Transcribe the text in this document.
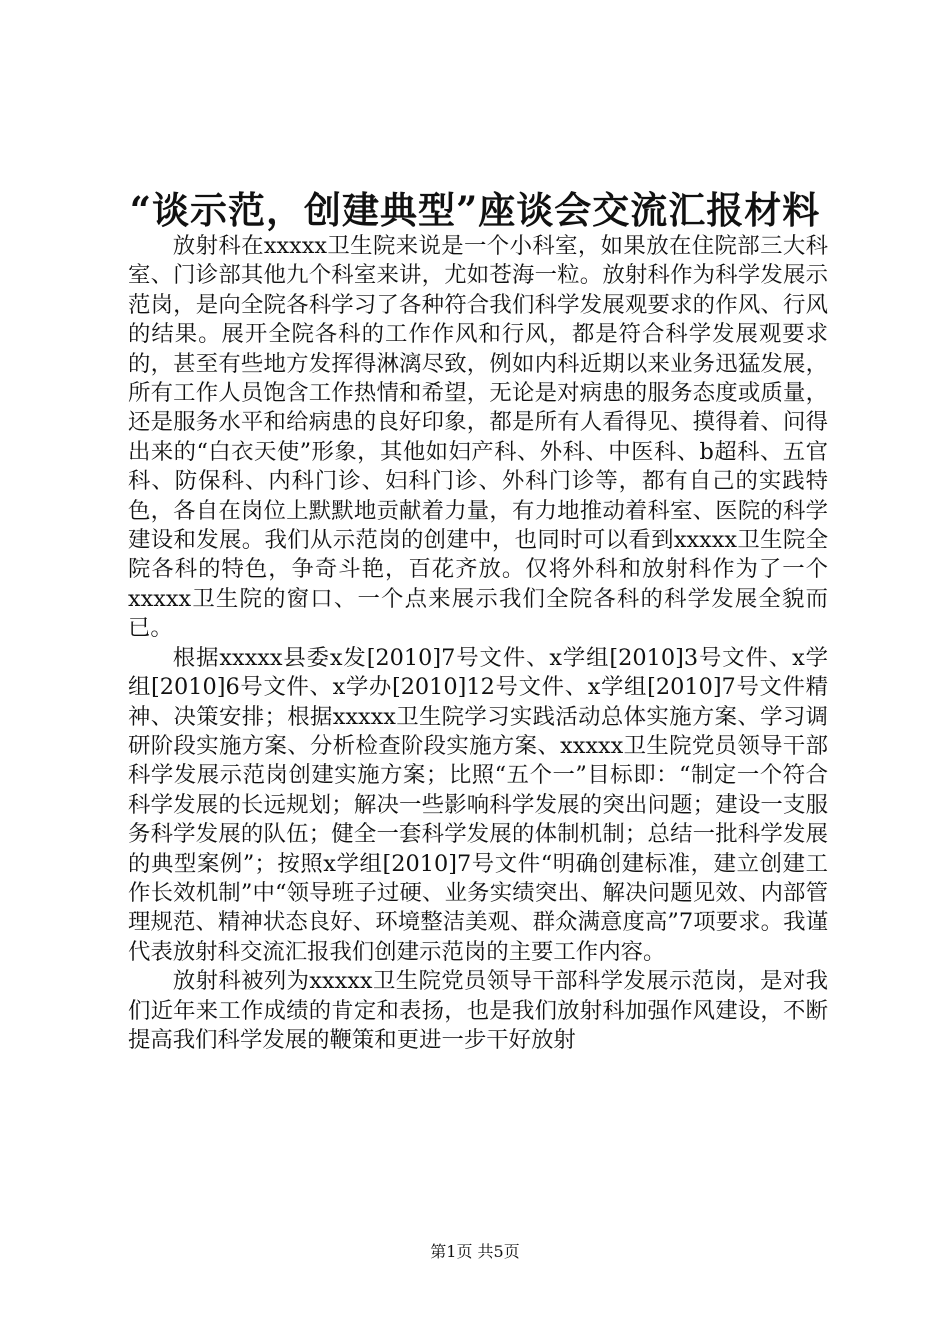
“谈示范，创建典型”座谈会交流汇报材料

放射科在xxxxx卫生院来说是一个小科室，如果放在住院部三大科室、门诊部其他九个科室来讲，尤如苍海一粒。放射科作为科学发展示范岗，是向全院各科学习了各种符合我们科学发展观要求的作风、行风的结果。展开全院各科的工作作风和行风，都是符合科学发展观要求的，甚至有些地方发挥得淋漓尽致，例如内科近期以来业务迅猛发展，所有工作人员饱含工作热情和希望，无论是对病患的服务态度或质量，还是服务水平和给病患的良好印象，都是所有人看得见、摸得着、问得出来的“白衣天使”形象，其他如妇产科、外科、中医科、b超科、五官科、防保科、内科门诊、妇科门诊、外科门诊等，都有自己的实践特色，各自在岗位上默默地贡献着力量，有力地推动着科室、医院的科学建设和发展。我们从示范岗的创建中，也同时可以看到xxxxx卫生院全院各科的特色，争奇斗艳，百花齐放。仅将外科和放射科作为了一个xxxxx卫生院的窗口、一个点来展示我们全院各科的科学发展全貌而已。

根据xxxxx县委x发[2010]7号文件、x学组[2010]3号文件、x学组[2010]6号文件、x学办[2010]12号文件、x学组[2010]7号文件精神、决策安排；根据xxxxx卫生院学习实践活动总体实施方案、学习调研阶段实施方案、分析检查阶段实施方案、xxxxx卫生院党员领导干部科学发展示范岗创建实施方案；比照“五个一”目标即：“制定一个符合科学发展的长远规划；解决一些影响科学发展的突出问题；建设一支服务科学发展的队伍；健全一套科学发展的体制机制；总结一批科学发展的典型案例”；按照x学组[2010]7号文件“明确创建标准，建立创建工作长效机制”中“领导班子过硬、业务实绩突出、解决问题见效、内部管理规范、精神状态良好、环境整洁美观、群众满意度高”7项要求。我谨代表放射科交流汇报我们创建示范岗的主要工作内容。

放射科被列为xxxxx卫生院党员领导干部科学发展示范岗，是对我们近年来工作成绩的肯定和表扬，也是我们放射科加强作风建设，不断提高我们科学发展的鞭策和更进一步干好放射

第1页 共5页
